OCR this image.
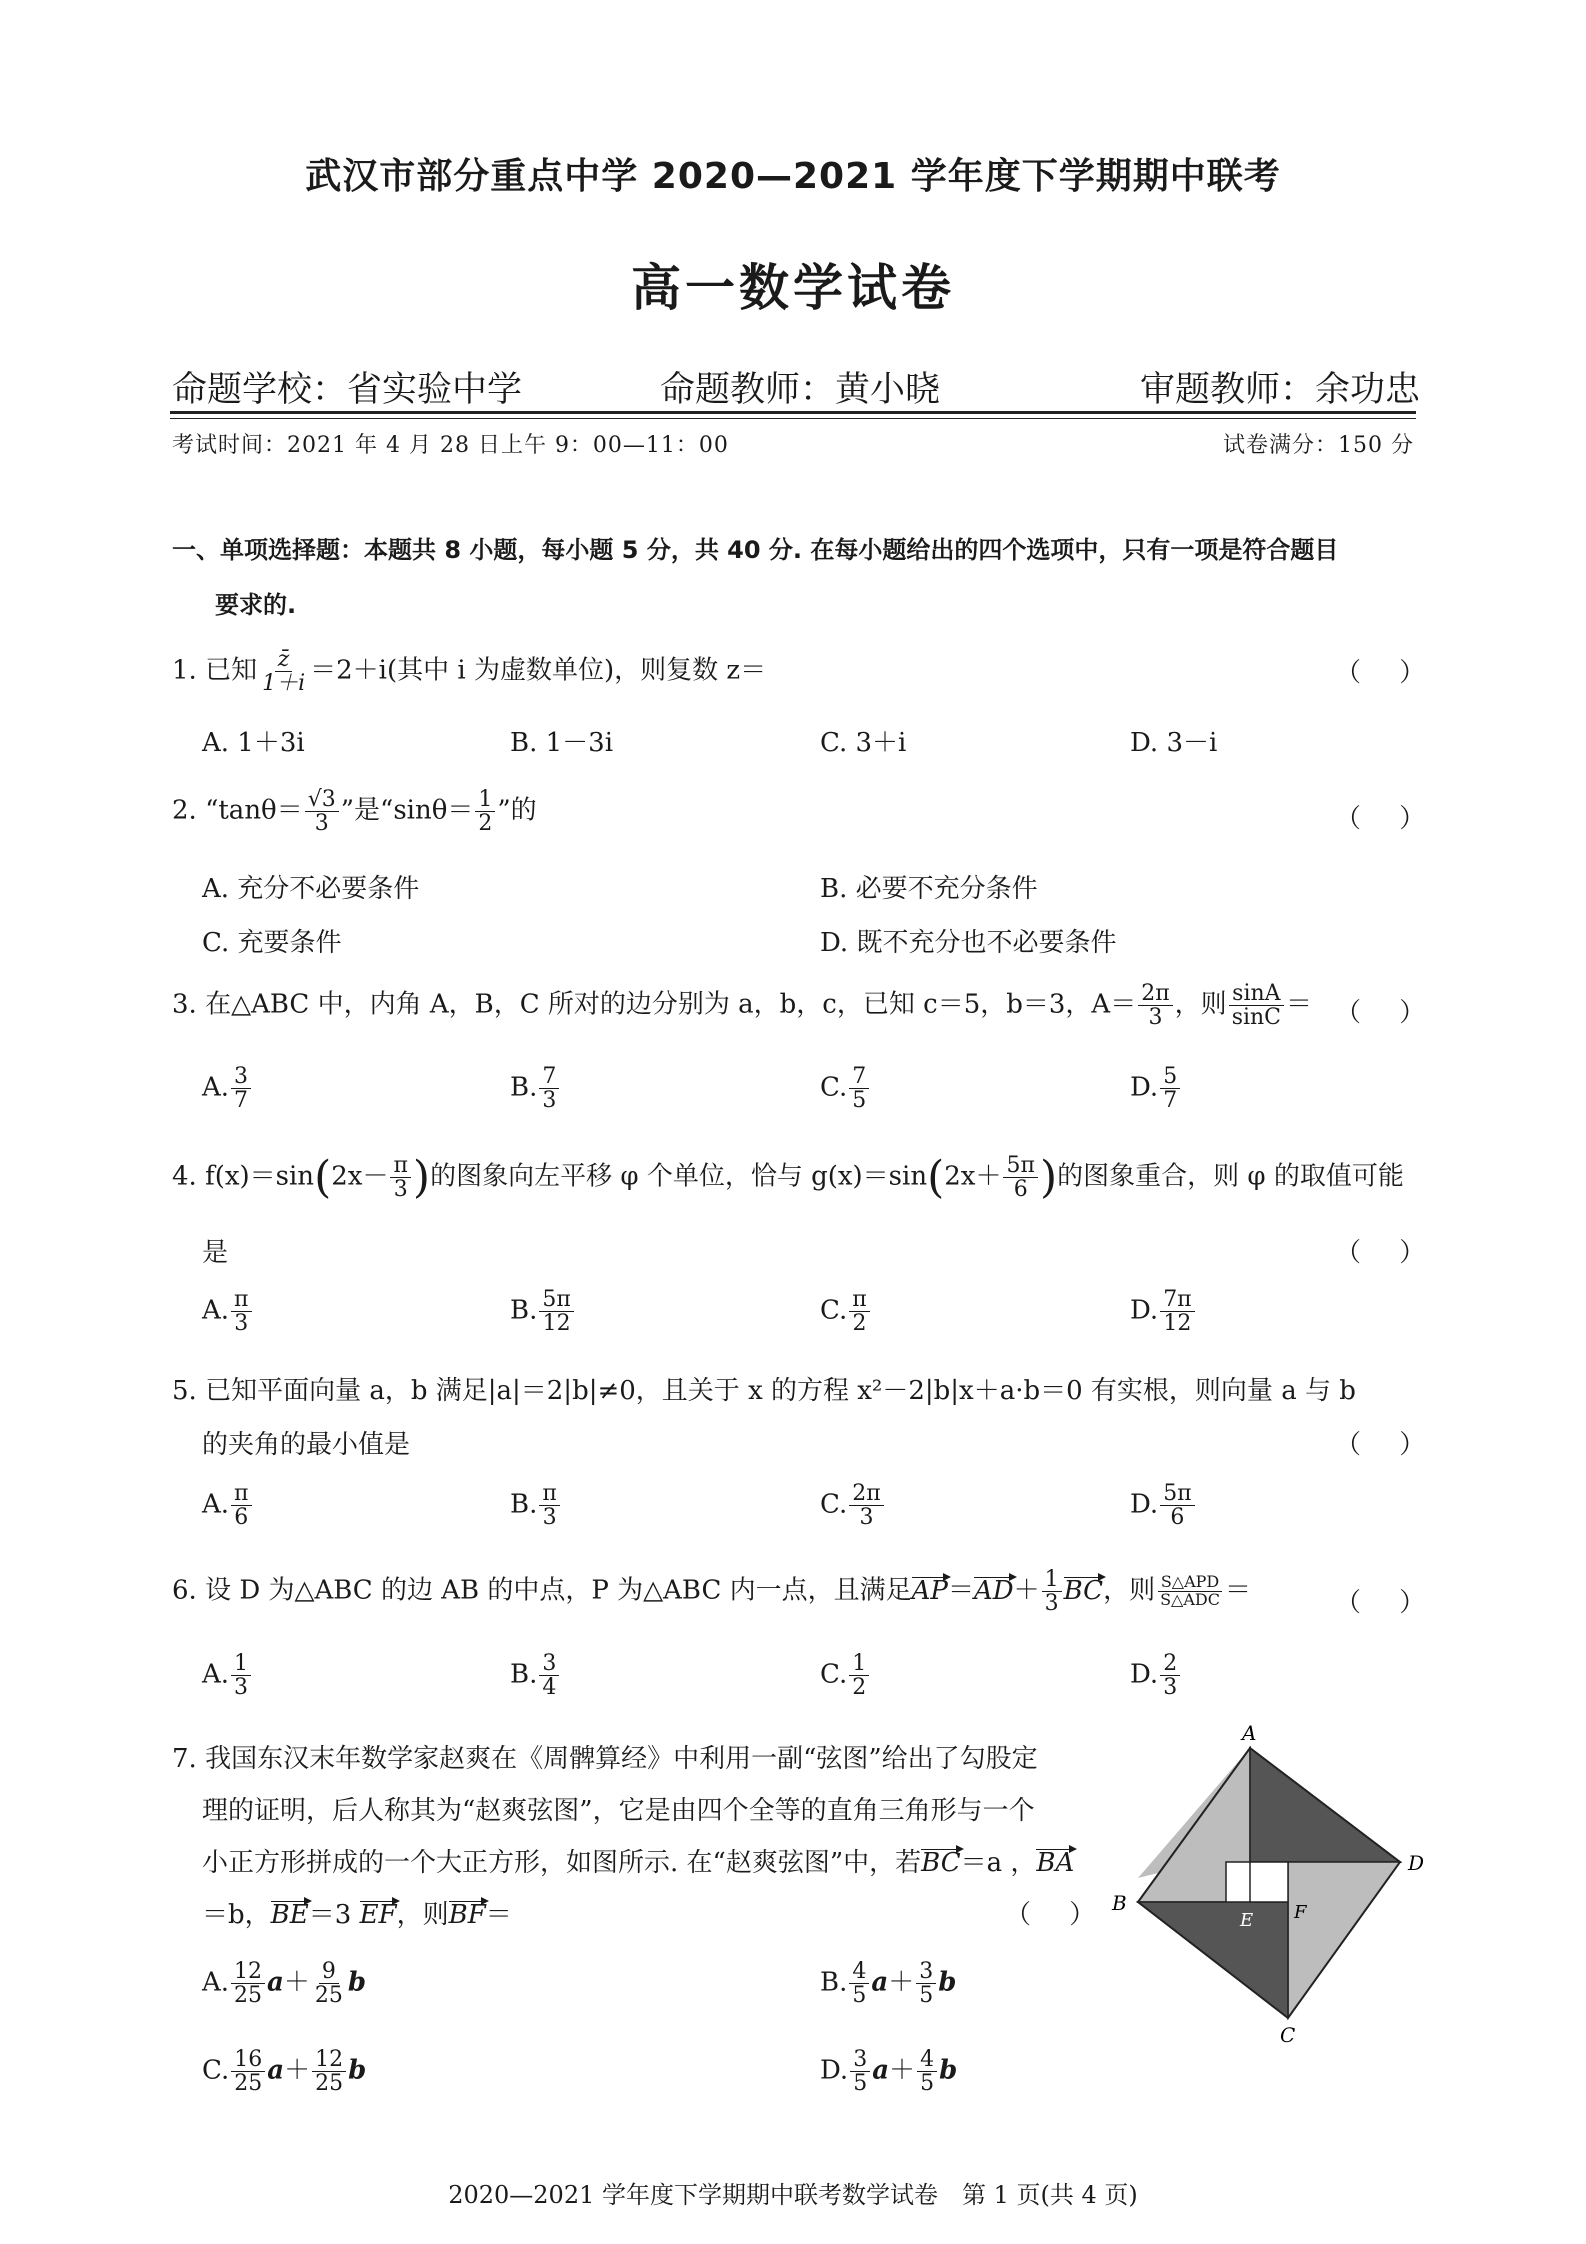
武汉市部分重点中学 2020—2021 学年度下学期期中联考
高一数学试卷
命题学校：省实验中学	命题教师：黄小晓	审题教师：余功忠
考试时间：2021 年 4 月 28 日上午 9：00—11：00	试卷满分：150 分
一、单项选择题：本题共 8 小题，每小题 5 分，共 40 分. 在每小题给出的四个选项中，只有一项是符合题目
要求的.
1. 已知 $\frac{z̄}{1+i} =2+i$(其中 i 为虚数单位)，则复数 z＝	（ ）
A. 1＋3i	B. 1－3i	C. 3＋i	D. 3－i
2. “$\tan\theta= \frac{√3}{3}$ ”是“$\sin\theta= \frac{1}{2}$ ”的	（ ）
A. 充分不必要条件	B. 必要不充分条件
C. 充要条件	D. 既不充分也不必要条件
3. 在△ABC 中，内角 A，B，C 所对的边分别为 a，b，c，已知 c＝5，b＝3，$A= \frac{2\pi}{3}$ ，则 $\frac{\sin A}{\sin C}$ ＝ （ ）
A. $\frac{3}{7}$	B. $\frac{7}{3}$	C. $\frac{7}{5}$	D. $\frac{5}{7}$
4. $f(x)=\sin(2x- \frac{\pi}{3}$ )的图象向左平移 φ 个单位，恰与 $g(x)=\sin(2x+ \frac{5\pi}{6}$ )的图象重合，则 φ 的取值可能
是	（ ）
A. $\frac{\pi}{3}$	B. $\frac{5\pi}{12}$	C. $\frac{\pi}{2}$	D. $\frac{7\pi}{12}$
5. 已知平面向量 a，b 满足|a|＝2|b|≠0，且关于 x 的方程 x²－2|b|x＋a·b＝0 有实根，则向量 a 与 b
的夹角的最小值是	（ ）
A. $\frac{\pi}{6}$	B. $\frac{\pi}{3}$	C. $\frac{2\pi}{3}$	D. $\frac{5\pi}{6}$
6. 设 D 为△ABC 的边 AB 的中点，P 为△ABC 内一点，且满足$AP=AD+ \frac{1}{3}$ BC，则 $\frac{\text{S△APD}}{\text{S△ADC}}$ ＝	（ ）
A. $\frac{1}{3}$	B. $\frac{3}{4}$	C. $\frac{1}{2}$	D. $\frac{2}{3}$
7. 我国东汉末年数学家赵爽在《周髀算经》中利用一副“弦图”给出了勾股定
理的证明，后人称其为“赵爽弦图”，它是由四个全等的直角三角形与一个
小正方形拼成的一个大正方形，如图所示. 在“赵爽弦图”中，若BC＝a ，BA
＝b，BE＝3 EF，则BF＝	（ ）
A. $\frac{12}{25} a+ \frac{9}{25}$ b	B. $\frac{4}{5} a+ \frac{3}{5}$ b
C. $\frac{16}{25} a+ \frac{12}{25}$ b	D. $\frac{3}{5} a+ \frac{4}{5}$ b
A
B
C
D
E F
2020—2021 学年度下学期期中联考数学试卷　第 1 页(共 4 页)
